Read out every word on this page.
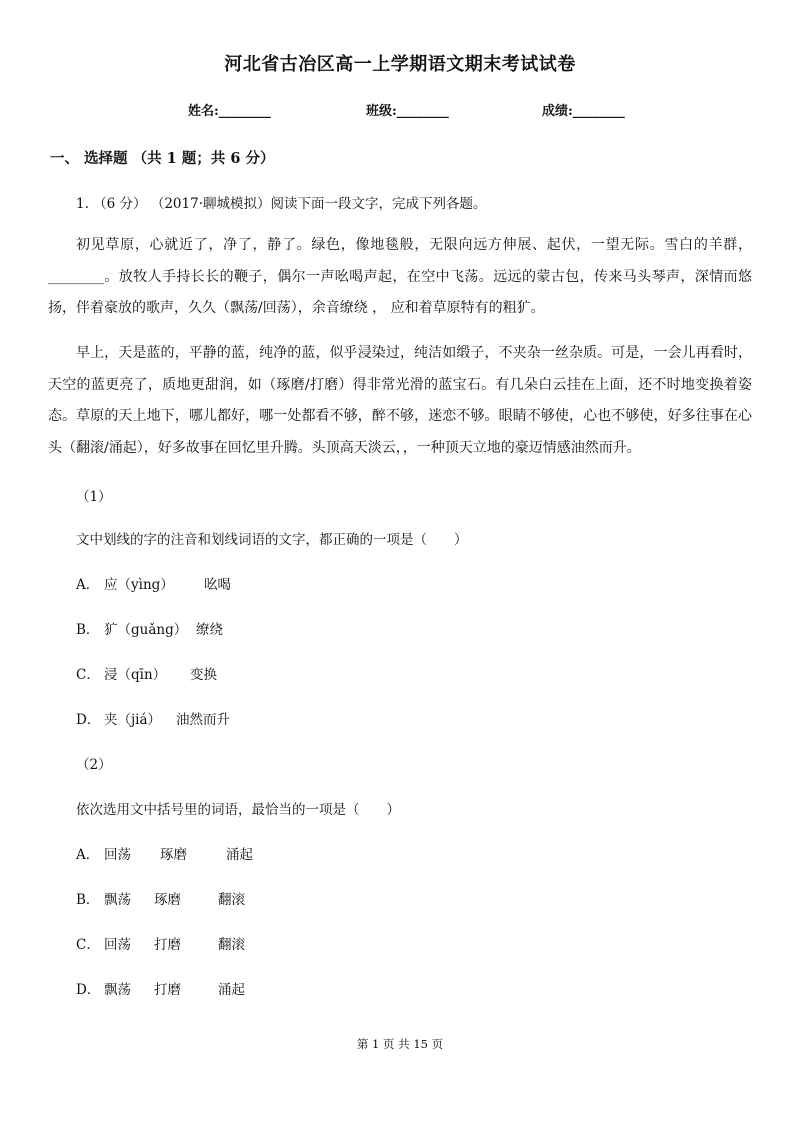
河北省古冶区高一上学期语文期末考试试卷
姓名:________	班级:________	成绩:________
一、 选择题 （共 1 题；共 6 分）
1. （6 分） （2017·聊城模拟）阅读下面一段文字，完成下列各题。

初见草原，心就近了，净了，静了。绿色，像地毯般，无限向远方伸展、起伏，一望无际。雪白的羊群，________。放牧人手持长长的鞭子，偶尔一声吆喝声起，在空中飞荡。远远的蒙古包，传来马头琴声，深情而悠扬，伴着豪放的歌声，久久（飘荡/回荡），余音缭绕 ， 应和着草原特有的粗犷。

早上，天是蓝的，平静的蓝，纯净的蓝，似乎浸染过，纯洁如缎子，不夹杂一丝杂质。可是，一会儿再看时，天空的蓝更亮了，质地更甜润，如（琢磨/打磨）得非常光滑的蓝宝石。有几朵白云挂在上面，还不时地变换着姿态。草原的天上地下，哪儿都好，哪一处都看不够，醉不够，迷恋不够。眼睛不够使，心也不够使，好多往事在心头（翻滚/涌起），好多故事在回忆里升腾。头顶高天淡云，，一种顶天立地的豪迈情感油然而升。

（1）
文中划线的字的注音和划线词语的文字，都正确的一项是（　　）
A． 应（yìng） 吆喝
B． 犷（guǎng） 缭绕
C． 浸（qīn） 变换
D． 夹（jiá） 油然而升
（2）
依次选用文中括号里的词语，最恰当的一项是（　　）
A． 回荡 琢磨	涌起
B． 飘荡 琢磨	翻滚
C． 回荡 打磨	翻滚
D． 飘荡 打磨	涌起
第 1 页 共 15 页
